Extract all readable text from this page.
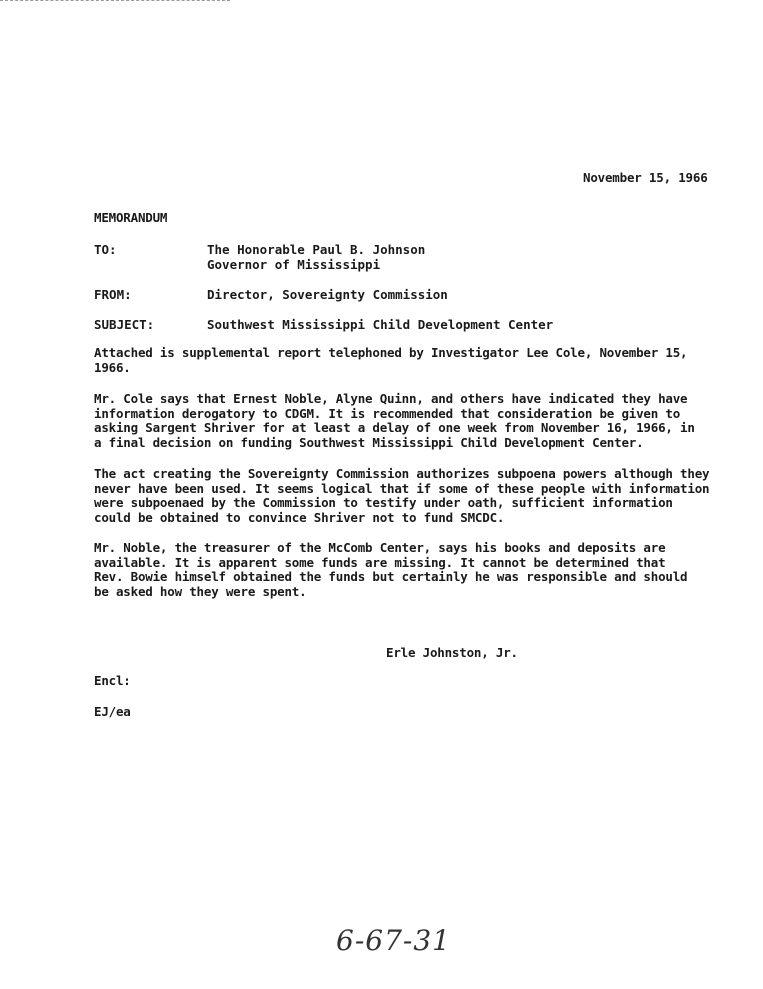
November 15, 1966
MEMORANDUM
TO:	The Honorable Paul B. Johnson
Governor of Mississippi
FROM:	Director, Sovereignty Commission
SUBJECT:	Southwest Mississippi Child Development Center
Attached is supplemental report telephoned by Investigator Lee Cole, November 15,
1966.
Mr. Cole says that Ernest Noble, Alyne Quinn, and others have indicated they have
information derogatory to CDGM. It is recommended that consideration be given to
asking Sargent Shriver for at least a delay of one week from November 16, 1966, in
a final decision on funding Southwest Mississippi Child Development Center.
The act creating the Sovereignty Commission authorizes subpoena powers although they
never have been used. It seems logical that if some of these people with information
were subpoenaed by the Commission to testify under oath, sufficient information
could be obtained to convince Shriver not to fund SMCDC.
Mr. Noble, the treasurer of the McComb Center, says his books and deposits are
available. It is apparent some funds are missing. It cannot be determined that
Rev. Bowie himself obtained the funds but certainly he was responsible and should
be asked how they were spent.
Erle Johnston, Jr.
Encl:
EJ/ea
6-67-31
